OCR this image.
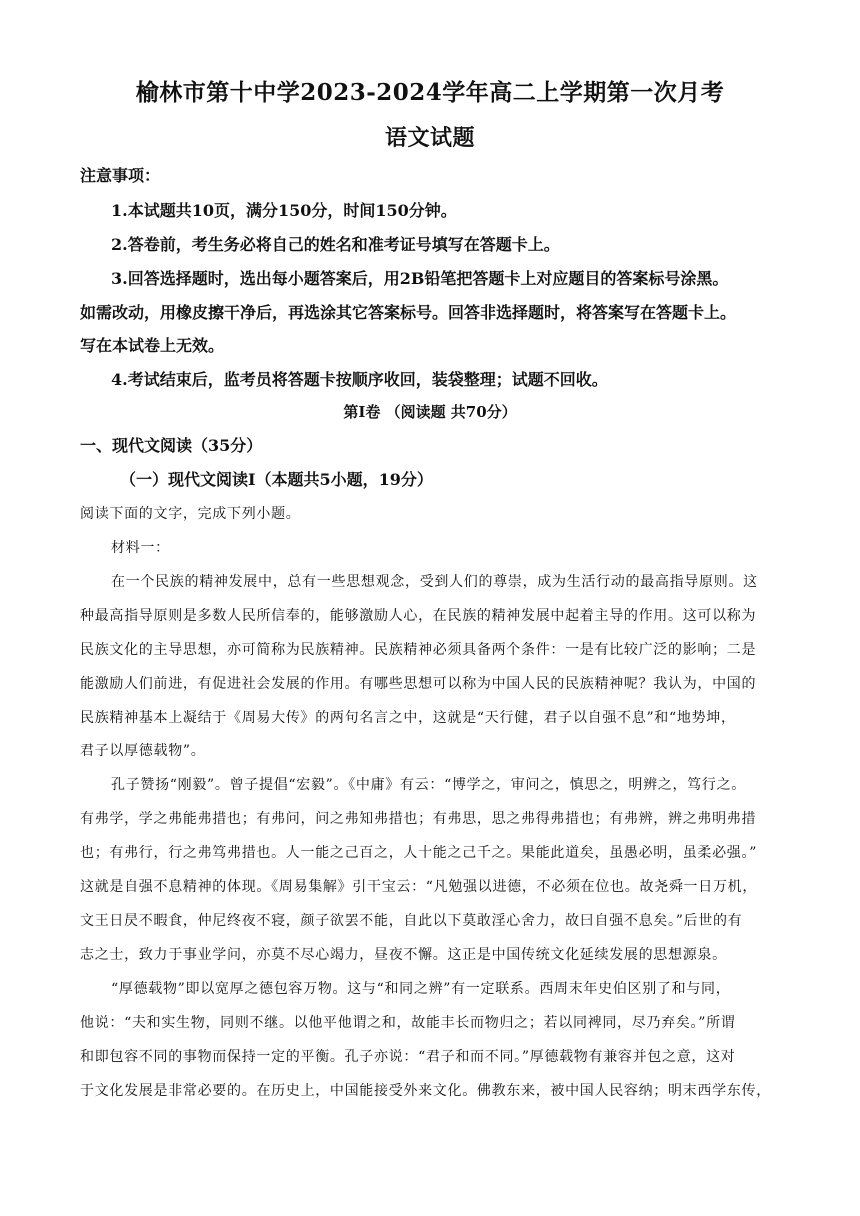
榆林市第十中学2023-2024学年高二上学期第一次月考
语文试题
注意事项：
1.本试题共10页，满分150分，时间150分钟。
2.答卷前，考生务必将自己的姓名和准考证号填写在答题卡上。
3.回答选择题时，选出每小题答案后，用2B铅笔把答题卡上对应题目的答案标号涂黑。
如需改动，用橡皮擦干净后，再选涂其它答案标号。回答非选择题时，将答案写在答题卡上。
写在本试卷上无效。
4.考试结束后，监考员将答题卡按顺序收回，装袋整理；试题不回收。
第Ⅰ卷 （阅读题 共70分）
一、现代文阅读（35分）
（一）现代文阅读Ⅰ（本题共5小题，19分）
阅读下面的文字，完成下列小题。
材料一：
在一个民族的精神发展中，总有一些思想观念，受到人们的尊崇，成为生活行动的最高指导原则。这
种最高指导原则是多数人民所信奉的，能够激励人心，在民族的精神发展中起着主导的作用。这可以称为
民族文化的主导思想，亦可简称为民族精神。民族精神必须具备两个条件：一是有比较广泛的影响；二是
能激励人们前进，有促进社会发展的作用。有哪些思想可以称为中国人民的民族精神呢？我认为，中国的
民族精神基本上凝结于《周易大传》的两句名言之中，这就是“天行健，君子以自强不息”和“地势坤，
君子以厚德载物”。
孔子赞扬“刚毅”。曾子提倡“宏毅”。《中庸》有云：“博学之，审问之，慎思之，明辨之，笃行之。
有弗学，学之弗能弗措也；有弗问，问之弗知弗措也；有弗思，思之弗得弗措也；有弗辨，辨之弗明弗措
也；有弗行，行之弗笃弗措也。人一能之己百之，人十能之己千之。果能此道矣，虽愚必明，虽柔必强。”
这就是自强不息精神的体现。《周易集解》引干宝云：“凡勉强以进德，不必须在位也。故尧舜一日万机，
文王日昃不暇食，仲尼终夜不寝，颜子欲罢不能，自此以下莫敢淫心舍力，故曰自强不息矣。”后世的有
志之士，致力于事业学问，亦莫不尽心竭力，昼夜不懈。这正是中国传统文化延续发展的思想源泉。
“厚德载物”即以宽厚之德包容万物。这与“和同之辨”有一定联系。西周末年史伯区别了和与同，
他说：“夫和实生物，同则不继。以他平他谓之和，故能丰长而物归之；若以同裨同，尽乃弃矣。”所谓
和即包容不同的事物而保持一定的平衡。孔子亦说：“君子和而不同。”厚德载物有兼容并包之意，这对
于文化发展是非常必要的。在历史上，中国能接受外来文化。佛教东来，被中国人民容纳；明末西学东传，
